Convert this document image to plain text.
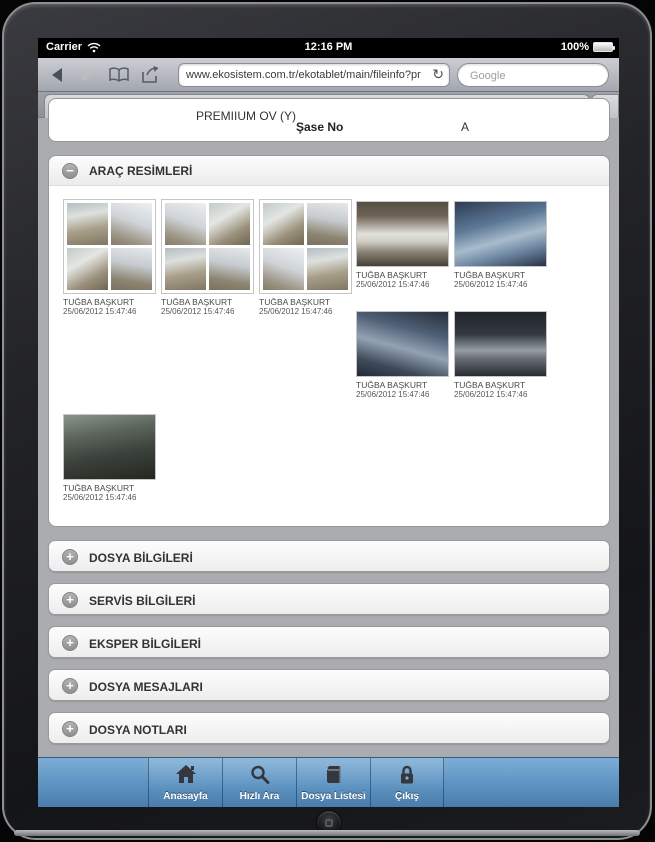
Carrier	12:16 PM	100%
www.ekosistem.com.tr/ekotablet/main/fileinfo?pr
↻
Google
PREMIIUM OV (Y)
Şase No	A
−	ARAÇ RESİMLERİ
TUĞBA BAŞKURT
25/06/2012 15:47:46
TUĞBA BAŞKURT
25/06/2012 15:47:46
TUĞBA BAŞKURT
25/06/2012 15:47:46
TUĞBA BAŞKURT
25/06/2012 15:47:46
TUĞBA BAŞKURT
25/06/2012 15:47:46
TUĞBA BAŞKURT
25/06/2012 15:47:46
TUĞBA BAŞKURT
25/06/2012 15:47:46
TUĞBA BAŞKURT
25/06/2012 15:47:46
+	DOSYA BİLGİLERİ
+	SERVİS BİLGİLERİ
+	EKSPER BİLGİLERİ
+	DOSYA MESAJLARI
+	DOSYA NOTLARI
Anasayfa	Hızlı Ara	Dosya Listesi	Çıkış
